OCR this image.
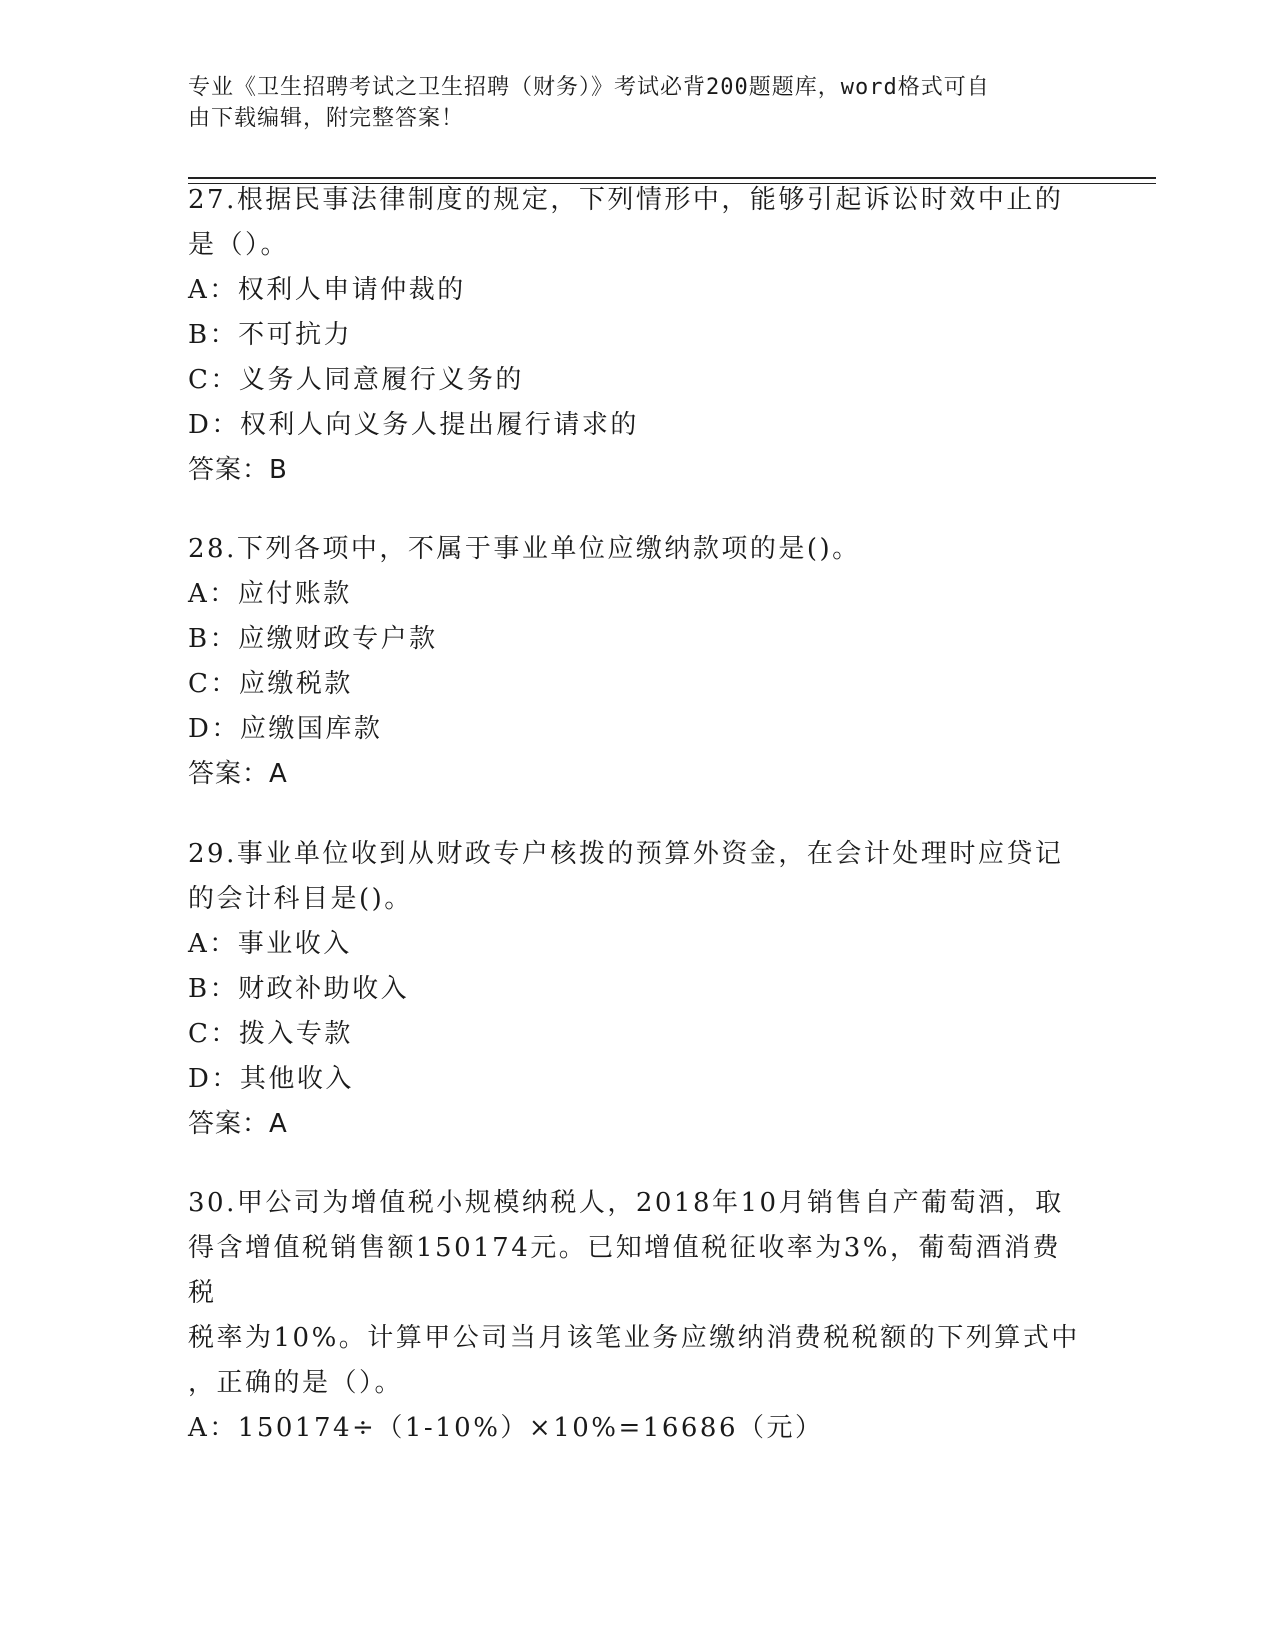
专业《卫生招聘考试之卫生招聘（财务）》考试必背200题题库，word格式可自
由下载编辑，附完整答案！
27.根据民事法律制度的规定，下列情形中，能够引起诉讼时效中止的
是（）。
A：权利人申请仲裁的
B：不可抗力
C：义务人同意履行义务的
D：权利人向义务人提出履行请求的
答案：B
28.下列各项中，不属于事业单位应缴纳款项的是()。
A：应付账款
B：应缴财政专户款
C：应缴税款
D：应缴国库款
答案：A
29.事业单位收到从财政专户核拨的预算外资金，在会计处理时应贷记
的会计科目是()。
A：事业收入
B：财政补助收入
C：拨入专款
D：其他收入
答案：A
30.甲公司为增值税小规模纳税人，2018年10月销售自产葡萄酒，取
得含增值税销售额150174元。已知增值税征收率为3%，葡萄酒消费税
税率为10%。计算甲公司当月该笔业务应缴纳消费税税额的下列算式中
，正确的是（）。
A：150174÷（1-10%）×10%=16686（元）
